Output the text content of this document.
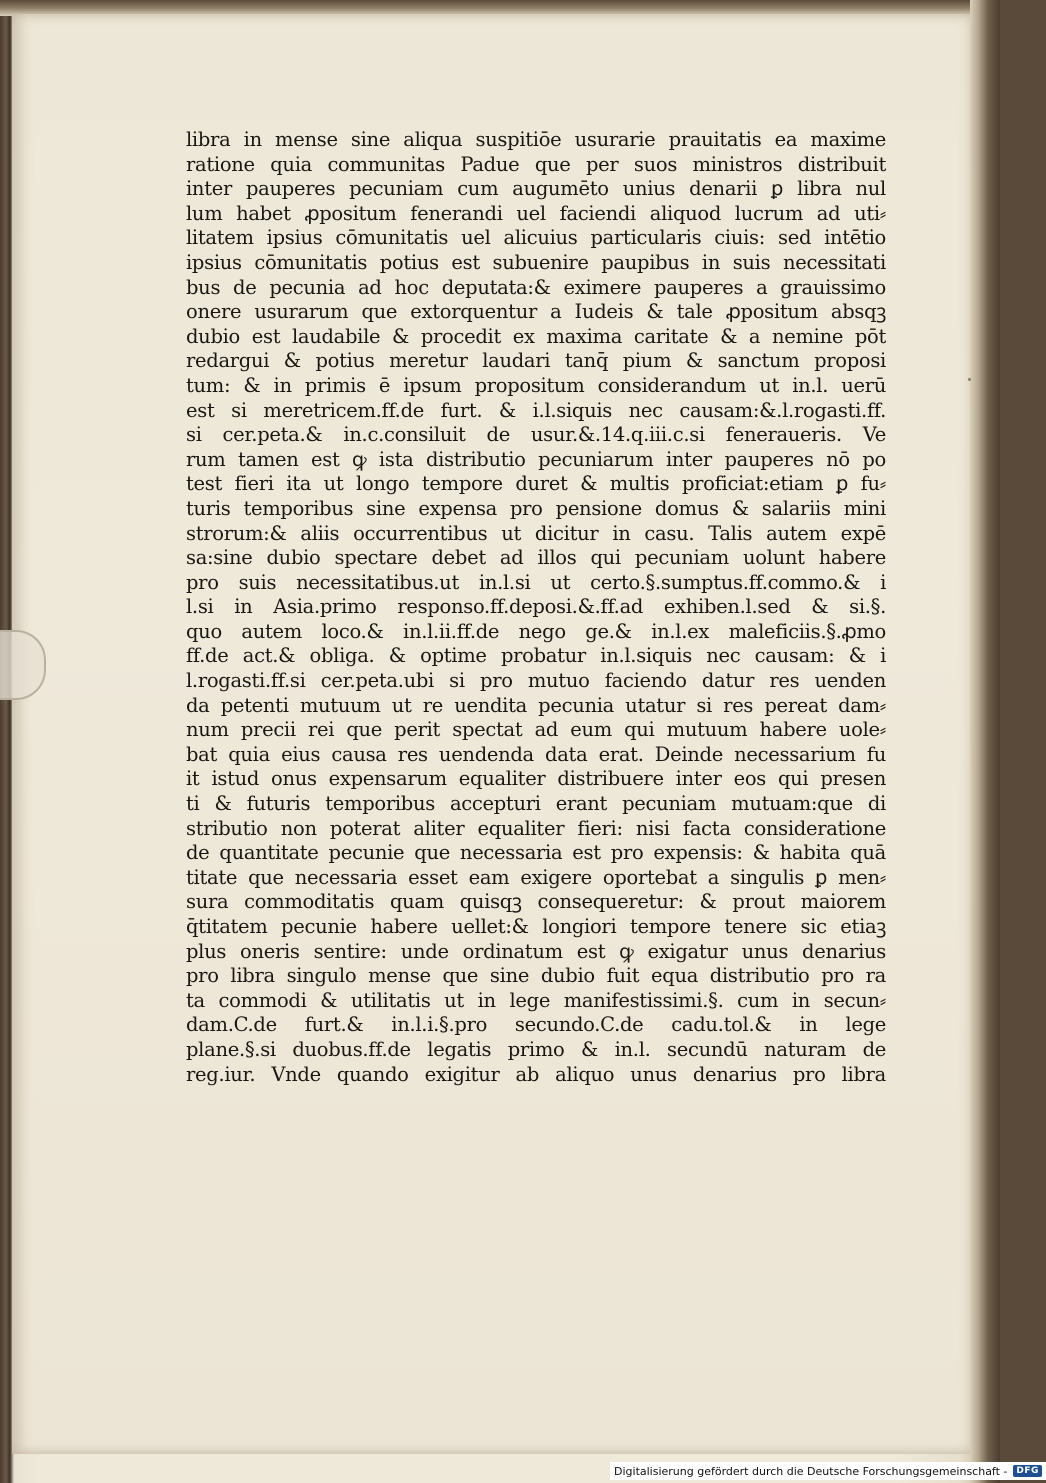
libra in mense sine aliqua suspitiōe usurarie prauitatis ea maxime
ratione quia communitas Padue que per suos ministros distribuit
inter pauperes pecuniam cum augumēto unius denarii ꝑ libra nul
lum habet ꝓpositum fenerandi uel faciendi aliquod lucrum ad uti⸗
litatem ipsius cōmunitatis uel alicuius particularis ciuis: sed intētio
ipsius cōmunitatis potius est subuenire paupibus in suis necessitati
bus de pecunia ad hoc deputata:& eximere pauperes a grauissimo
onere usurarum que extorquentur a Iudeis & tale ꝓpositum absqꝫ
dubio est laudabile & procedit ex maxima caritate & a nemine pōt
redargui & potius meretur laudari tanq̄ pium & sanctum proposi
tum: & in primis ē ipsum propositum considerandum ut in.l. uerū
est si meretricem.ff.de furt. & i.l.siquis nec causam:&.l.rogasti.ff.
si cer.peta.& in.c.consiluit de usur.&.14.q.iii.c.si feneraueris. Ve
rum tamen est ꝙ ista distributio pecuniarum inter pauperes nō po
test fieri ita ut longo tempore duret & multis proficiat:etiam ꝑ fu⸗
turis temporibus sine expensa pro pensione domus & salariis mini
strorum:& aliis occurrentibus ut dicitur in casu. Talis autem expē
sa:sine dubio spectare debet ad illos qui pecuniam uolunt habere
pro suis necessitatibus.ut in.l.si ut certo.§.sumptus.ff.commo.& i
l.si in Asia.primo responso.ff.deposi.&.ff.ad exhiben.l.sed & si.§.
quo autem loco.& in.l.ii.ff.de nego ge.& in.l.ex maleficiis.§.ꝓmo
ff.de act.& obliga. & optime probatur in.l.siquis nec causam: & i
l.rogasti.ff.si cer.peta.ubi si pro mutuo faciendo datur res uenden
da petenti mutuum ut re uendita pecunia utatur si res pereat dam⸗
num precii rei que perit spectat ad eum qui mutuum habere uole⸗
bat quia eius causa res uendenda data erat. Deinde necessarium fu
it istud onus expensarum equaliter distribuere inter eos qui presen
ti & futuris temporibus accepturi erant pecuniam mutuam:que di
stributio non poterat aliter equaliter fieri: nisi facta consideratione
de quantitate pecunie que necessaria est pro expensis: & habita quā
titate que necessaria esset eam exigere oportebat a singulis ꝑ men⸗
sura commoditatis quam quisqꝫ consequeretur: & prout maiorem
q̄titatem pecunie habere uellet:& longiori tempore tenere sic etiaꝫ
plus oneris sentire: unde ordinatum est ꝙ exigatur unus denarius
pro libra singulo mense que sine dubio fuit equa distributio pro ra
ta commodi & utilitatis ut in lege manifestissimi.§. cum in secun⸗
dam.C.de furt.& in.l.i.§.pro secundo.C.de cadu.tol.& in lege
plane.§.si duobus.ff.de legatis primo & in.l. secundū naturam de
reg.iur. Vnde quando exigitur ab aliquo unus denarius pro libra
Digitalisierung gefördert durch die Deutsche Forschungsgemeinschaft -	DFG
